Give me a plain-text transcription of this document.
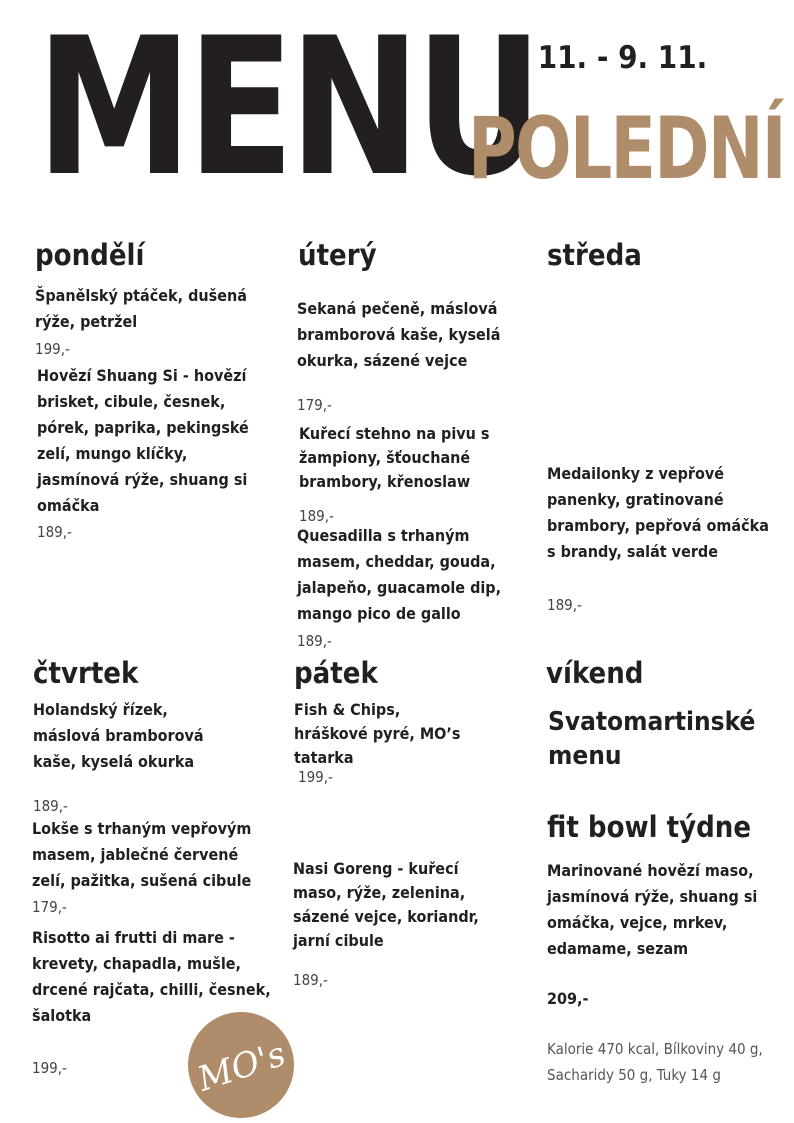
MENU
3. 11. - 9. 11.
POLEDNÍ
pondělí
Španělský ptáček, dušená rýže, petržel
199,-
Hovězí Shuang Si - hovězí brisket, cibule, česnek, pórek, paprika, pekingské zelí, mungo klíčky, jasmínová rýže, shuang si omáčka
189,-
úterý
Sekaná pečeně, máslová bramborová kaše, kyselá okurka, sázené vejce
179,-
Kuřecí stehno na pivu s žampiony, šťouchané brambory, křenoslaw
189,-
Quesadilla s trhaným masem, cheddar, gouda, jalapeňo, guacamole dip, mango pico de gallo
189,-
středa
Medailonky z vepřové panenky, gratinované brambory, pepřová omáčka s brandy, salát verde
189,-
čtvrtek
Holandský řízek, máslová bramborová kaše, kyselá okurka
189,-
Lokše s trhaným vepřovým masem, jablečné červené zelí, pažitka, sušená cibule
179,-
Risotto ai frutti di mare - krevety, chapadla, mušle, drcené rajčata, chilli, česnek, šalotka
199,-
pátek
Fish & Chips, hráškové pyré, MO’s tatarka
199,-
Nasi Goreng - kuřecí maso, rýže, zelenina, sázené vejce, koriandr, jarní cibule
189,-
víkend
Svatomartinské menu
fit bowl týdne
Marinované hovězí maso, jasmínová rýže, shuang si omáčka, vejce, mrkev, edamame, sezam
209,-
Kalorie 470 kcal, Bílkoviny 40 g, Sacharidy 50 g, Tuky 14 g
MO's
